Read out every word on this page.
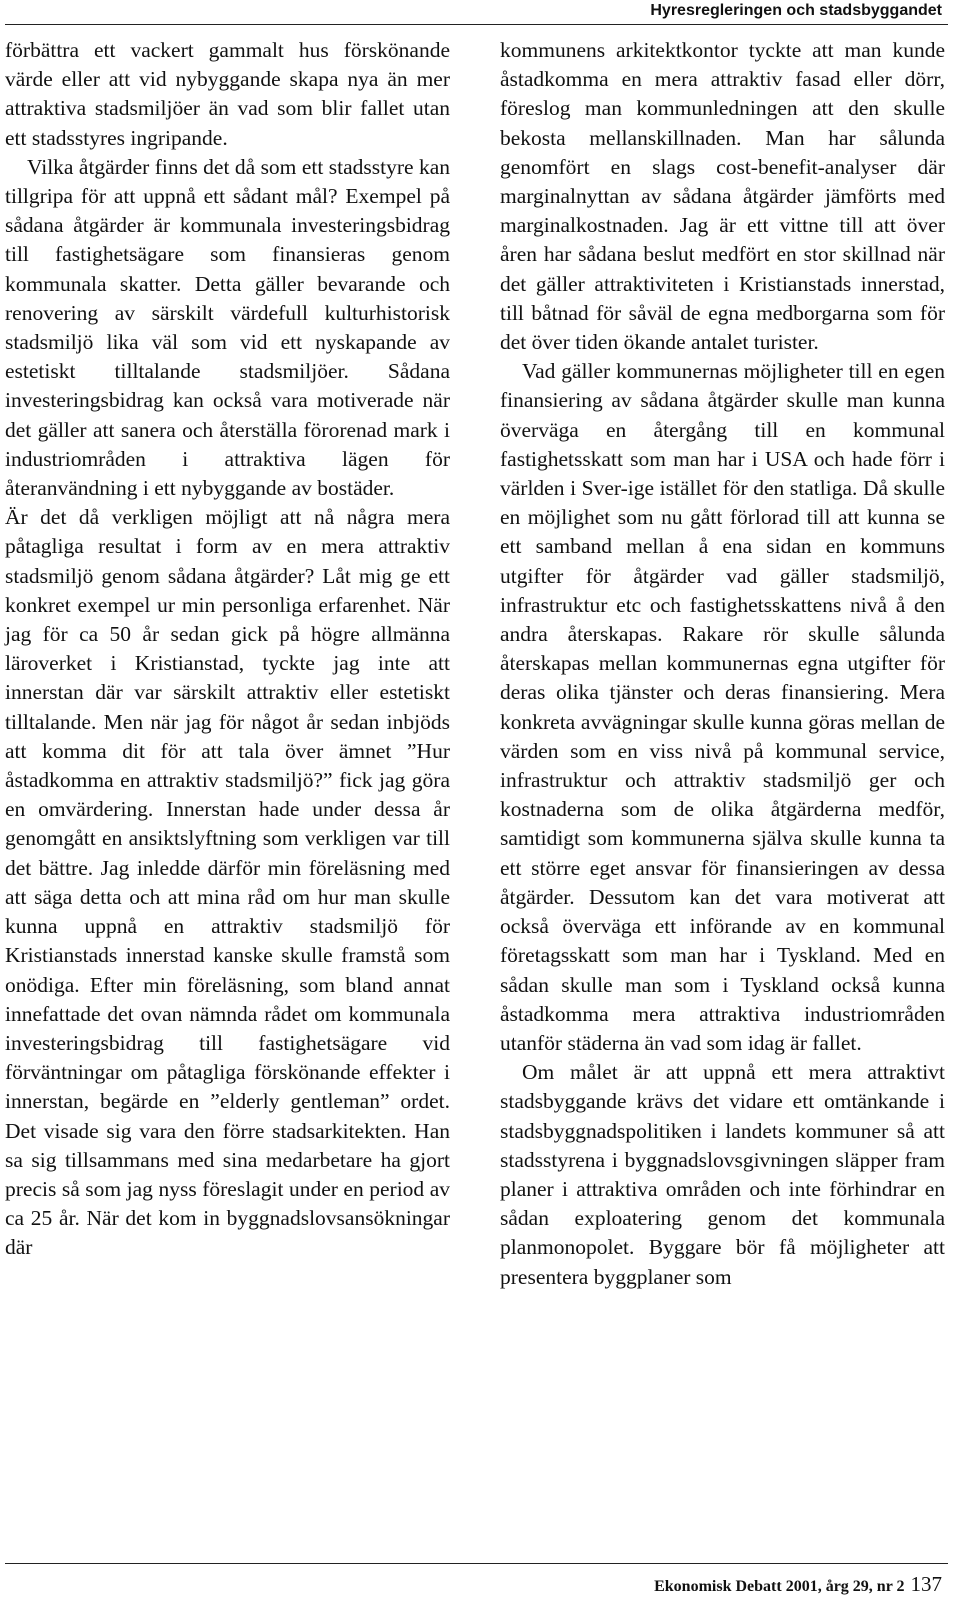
Hyresregleringen och stadsbyggandet

förbättra ett vackert gammalt hus förskönande värde eller att vid nybyggande skapa nya än mer attraktiva stadsmiljöer än vad som blir fallet utan ett stadsstyres ingripande.

Vilka åtgärder finns det då som ett stadsstyre kan tillgripa för att uppnå ett sådant mål? Exempel på sådana åtgärder är kommunala investeringsbidrag till fastighetsägare som finansieras genom kommunala skatter. Detta gäller bevarande och renovering av särskilt värdefull kulturhistorisk stadsmiljö lika väl som vid ett nyskapande av estetiskt tilltalande stadsmiljöer. Sådana investeringsbidrag kan också vara motiverade när det gäller att sanera och återställa förorenad mark i industriområden i attraktiva lägen för återanvändning i ett nybyggande av bostäder.

Är det då verkligen möjligt att nå några mera påtagliga resultat i form av en mera attraktiv stadsmiljö genom sådana åtgärder? Låt mig ge ett konkret exempel ur min personliga erfarenhet. När jag för ca 50 år sedan gick på högre allmänna läroverket i Kristianstad, tyckte jag inte att innerstan där var särskilt attraktiv eller estetiskt tilltalande. Men när jag för något år sedan inbjöds att komma dit för att tala över ämnet ”Hur åstadkomma en attraktiv stadsmiljö?” fick jag göra en omvärdering. Innerstan hade under dessa år genomgått en ansiktslyftning som verkligen var till det bättre. Jag inledde därför min föreläsning med att säga detta och att mina råd om hur man skulle kunna uppnå en attraktiv stadsmiljö för Kristianstads innerstad kanske skulle framstå som onödiga. Efter min föreläsning, som bland annat innefattade det ovan nämnda rådet om kommunala investeringsbidrag till fastighetsägare vid förväntningar om påtagliga förskönande effekter i innerstan, begärde en ”elderly gentleman” ordet. Det visade sig vara den förre stadsarkitekten. Han sa sig tillsammans med sina medarbetare ha gjort precis så som jag nyss föreslagit under en period av ca 25 år. När det kom in byggnadslovsansökningar där

kommunens arkitektkontor tyckte att man kunde åstadkomma en mera attraktiv fasad eller dörr, föreslog man kommunledningen att den skulle bekosta mellanskillnaden. Man har sålunda genomfört en slags cost-benefit-analyser där marginalnyttan av sådana åtgärder jämförts med marginalkostnaden. Jag är ett vittne till att över åren har sådana beslut medfört en stor skillnad när det gäller attraktiviteten i Kristianstads innerstad, till båtnad för såväl de egna medborgarna som för det över tiden ökande antalet turister.

Vad gäller kommunernas möjligheter till en egen finansiering av sådana åtgärder skulle man kunna överväga en återgång till en kommunal fastighetsskatt som man har i USA och hade förr i världen i Sver-ige istället för den statliga. Då skulle en möjlighet som nu gått förlorad till att kunna se ett samband mellan å ena sidan en kommuns utgifter för åtgärder vad gäller stadsmiljö, infrastruktur etc och fastighetsskattens nivå å den andra återskapas. Rakare rör skulle sålunda återskapas mellan kommunernas egna utgifter för deras olika tjänster och deras finansiering. Mera konkreta avvägningar skulle kunna göras mellan de värden som en viss nivå på kommunal service, infrastruktur och attraktiv stadsmiljö ger och kostnaderna som de olika åtgärderna medför, samtidigt som kommunerna själva skulle kunna ta ett större eget ansvar för finansieringen av dessa åtgärder. Dessutom kan det vara motiverat att också överväga ett införande av en kommunal företagsskatt som man har i Tyskland. Med en sådan skulle man som i Tyskland också kunna åstadkomma mera attraktiva industriområden utanför städerna än vad som idag är fallet.

Om målet är att uppnå ett mera attraktivt stadsbyggande krävs det vidare ett omtänkande i stadsbyggnadspolitiken i landets kommuner så att stadsstyrena i byggnadslovsgivningen släpper fram planer i attraktiva områden och inte förhindrar en sådan exploatering genom det kommunala planmonopolet. Byggare bör få möjligheter att presentera byggplaner som

Ekonomisk Debatt 2001, årg 29, nr 2 137
